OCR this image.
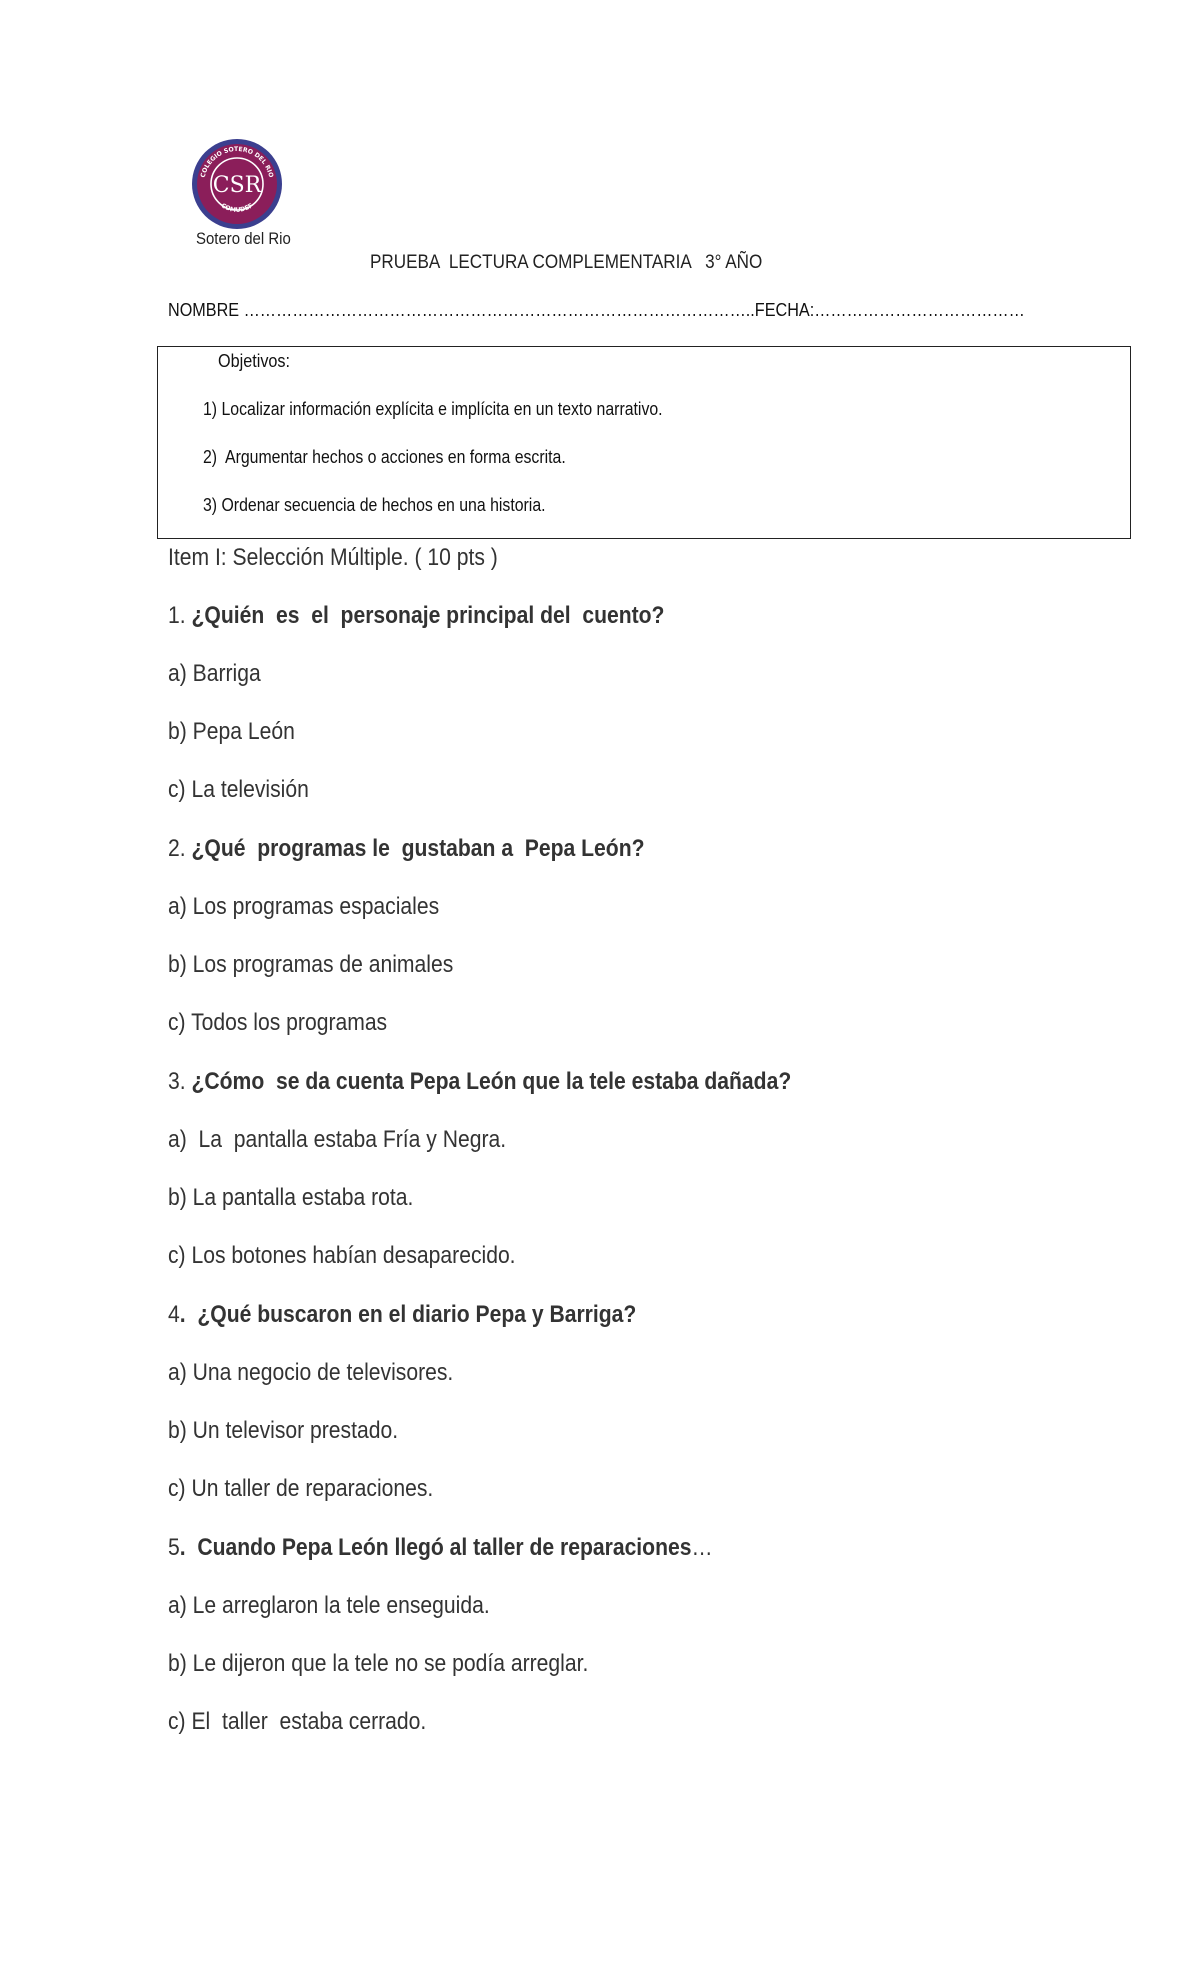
COLEGIO SOTERO DEL RIO
COMUDEF
CSR
Sotero del Rio
PRUEBA  LECTURA COMPLEMENTARIA   3° AÑO
NOMBRE …………………………………………………………………………………..FECHA:…………………………………
Objetivos:
1) Localizar información explícita e implícita en un texto narrativo.
2)  Argumentar hechos o acciones en forma escrita.
3) Ordenar secuencia de hechos en una historia.
Item I: Selección Múltiple. ( 10 pts )
1. ¿Quién  es  el  personaje principal del  cuento?
a) Barriga
b) Pepa León
c) La televisión
2. ¿Qué  programas le  gustaban a  Pepa León?
a) Los programas espaciales
b) Los programas de animales
c) Todos los programas
3. ¿Cómo  se da cuenta Pepa León que la tele estaba dañada?
a)  La  pantalla estaba Fría y Negra.
b) La pantalla estaba rota.
c) Los botones habían desaparecido.
4.  ¿Qué buscaron en el diario Pepa y Barriga?
a) Una negocio de televisores.
b) Un televisor prestado.
c) Un taller de reparaciones.
5.  Cuando Pepa León llegó al taller de reparaciones…
a) Le arreglaron la tele enseguida.
b) Le dijeron que la tele no se podía arreglar.
c) El  taller  estaba cerrado.
